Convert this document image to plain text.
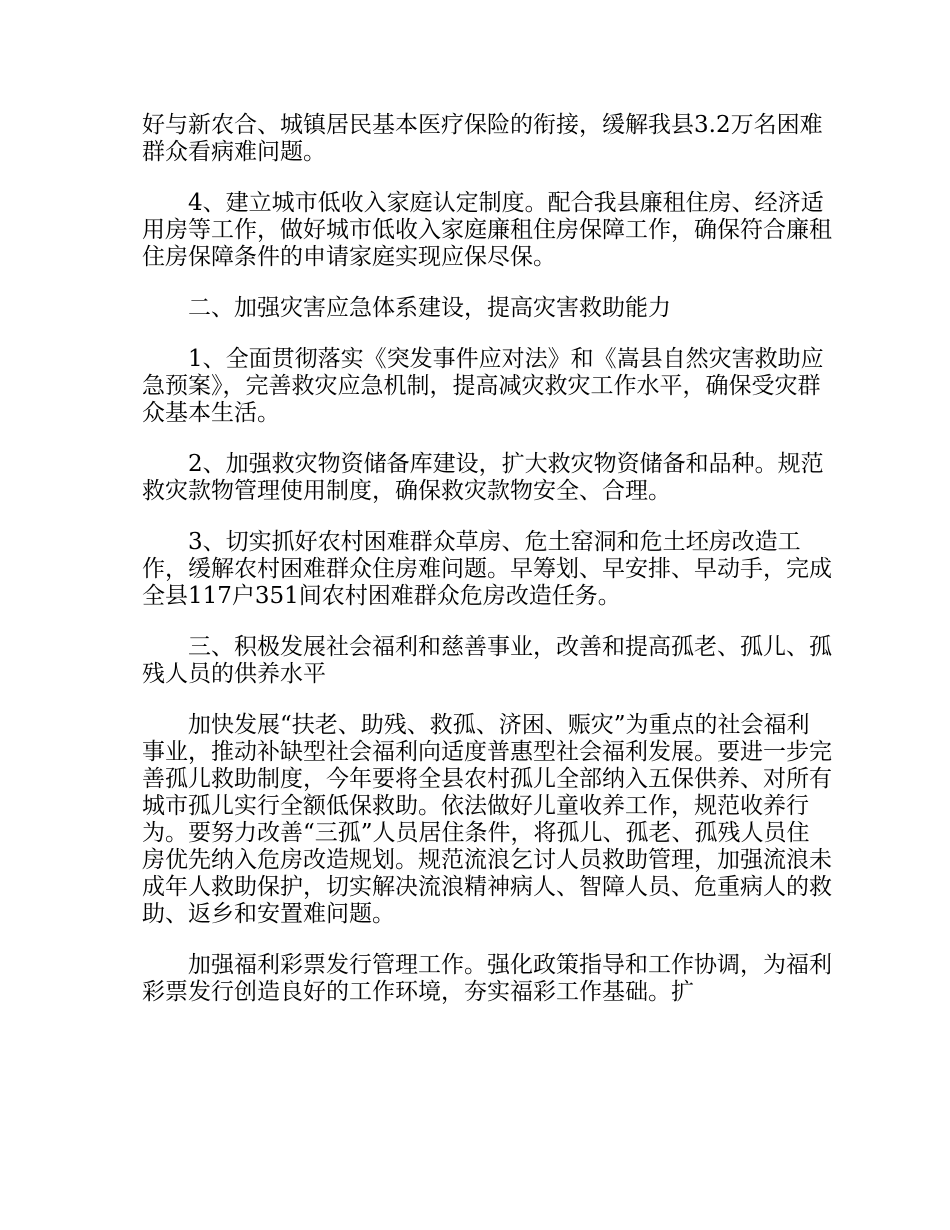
好与新农合、城镇居民基本医疗保险的衔接，缓解我县3.2万名困难群众看病难问题。

4、建立城市低收入家庭认定制度。配合我县廉租住房、经济适用房等工作，做好城市低收入家庭廉租住房保障工作，确保符合廉租住房保障条件的申请家庭实现应保尽保。

二、加强灾害应急体系建设，提高灾害救助能力

1、全面贯彻落实《突发事件应对法》和《嵩县自然灾害救助应急预案》，完善救灾应急机制，提高减灾救灾工作水平，确保受灾群众基本生活。

2、加强救灾物资储备库建设，扩大救灾物资储备和品种。规范救灾款物管理使用制度，确保救灾款物安全、合理。

3、切实抓好农村困难群众草房、危土窑洞和危土坯房改造工作，缓解农村困难群众住房难问题。早筹划、早安排、早动手，完成全县117户351间农村困难群众危房改造任务。

三、积极发展社会福利和慈善事业，改善和提高孤老、孤儿、孤残人员的供养水平

加快发展“扶老、助残、救孤、济困、赈灾”为重点的社会福利事业，推动补缺型社会福利向适度普惠型社会福利发展。要进一步完善孤儿救助制度，今年要将全县农村孤儿全部纳入五保供养、对所有城市孤儿实行全额低保救助。依法做好儿童收养工作，规范收养行为。要努力改善“三孤”人员居住条件，将孤儿、孤老、孤残人员住房优先纳入危房改造规划。规范流浪乞讨人员救助管理，加强流浪未成年人救助保护，切实解决流浪精神病人、智障人员、危重病人的救助、返乡和安置难问题。

加强福利彩票发行管理工作。强化政策指导和工作协调，为福利彩票发行创造良好的工作环境，夯实福彩工作基础。扩
